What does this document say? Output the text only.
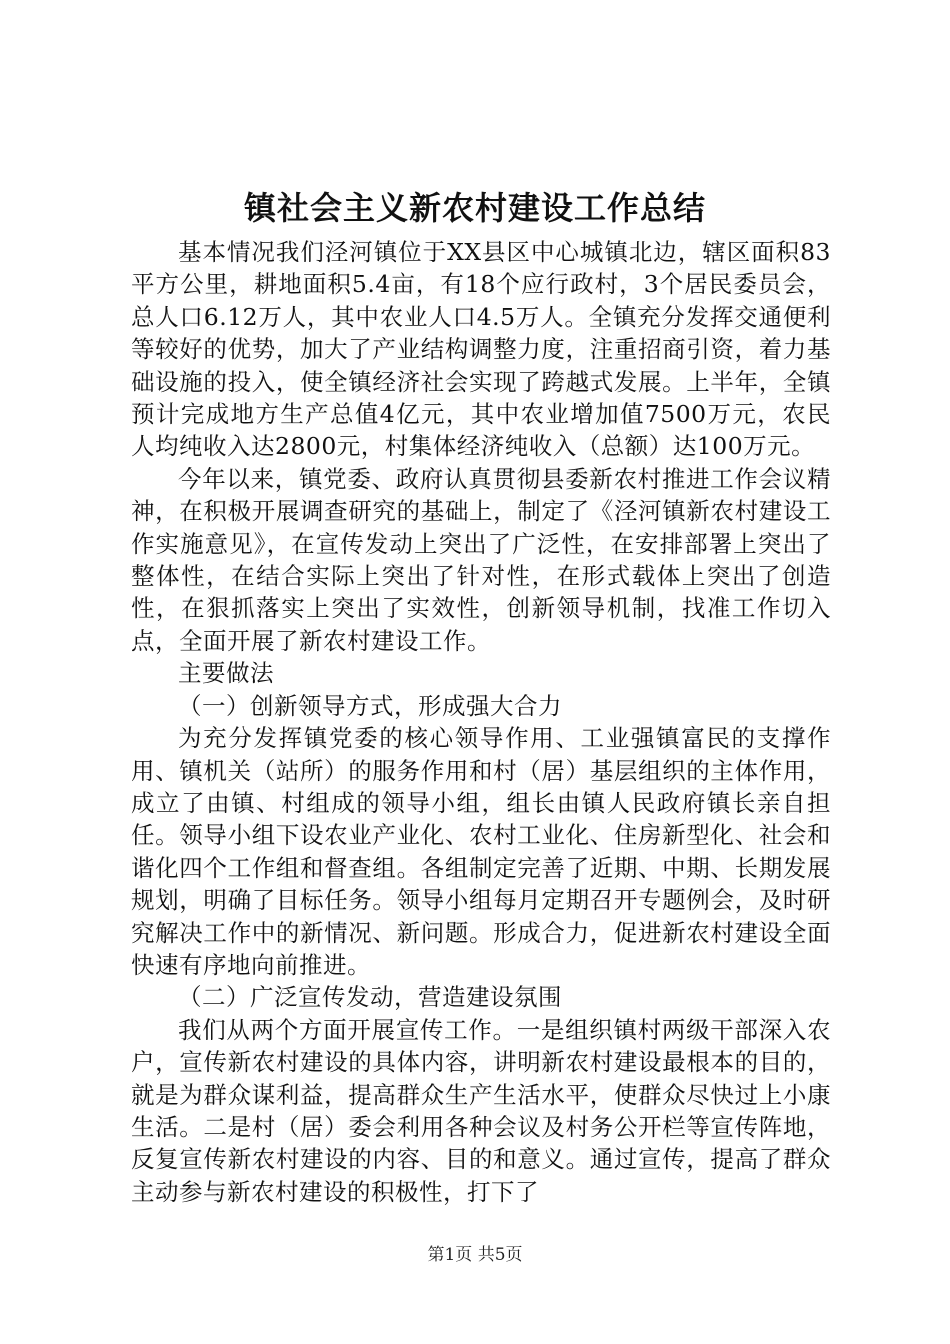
镇社会主义新农村建设工作总结

基本情况我们泾河镇位于XX县区中心城镇北边，辖区面积83平方公里，耕地面积5.4亩，有18个应行政村，3个居民委员会，总人口6.12万人，其中农业人口4.5万人。全镇充分发挥交通便利等较好的优势，加大了产业结构调整力度，注重招商引资，着力基础设施的投入，使全镇经济社会实现了跨越式发展。上半年，全镇预计完成地方生产总值4亿元，其中农业增加值7500万元，农民人均纯收入达2800元，村集体经济纯收入（总额）达100万元。

今年以来，镇党委、政府认真贯彻县委新农村推进工作会议精神，在积极开展调查研究的基础上，制定了《泾河镇新农村建设工作实施意见》，在宣传发动上突出了广泛性，在安排部署上突出了整体性，在结合实际上突出了针对性，在形式载体上突出了创造性，在狠抓落实上突出了实效性，创新领导机制，找准工作切入点，全面开展了新农村建设工作。

主要做法

（一）创新领导方式，形成强大合力

为充分发挥镇党委的核心领导作用、工业强镇富民的支撑作用、镇机关（站所）的服务作用和村（居）基层组织的主体作用，成立了由镇、村组成的领导小组，组长由镇人民政府镇长亲自担任。领导小组下设农业产业化、农村工业化、住房新型化、社会和谐化四个工作组和督查组。各组制定完善了近期、中期、长期发展规划，明确了目标任务。领导小组每月定期召开专题例会，及时研究解决工作中的新情况、新问题。形成合力，促进新农村建设全面快速有序地向前推进。

（二）广泛宣传发动，营造建设氛围

我们从两个方面开展宣传工作。一是组织镇村两级干部深入农户，宣传新农村建设的具体内容，讲明新农村建设最根本的目的，就是为群众谋利益，提高群众生产生活水平，使群众尽快过上小康生活。二是村（居）委会利用各种会议及村务公开栏等宣传阵地，反复宣传新农村建设的内容、目的和意义。通过宣传，提高了群众主动参与新农村建设的积极性，打下了

第1页 共5页
